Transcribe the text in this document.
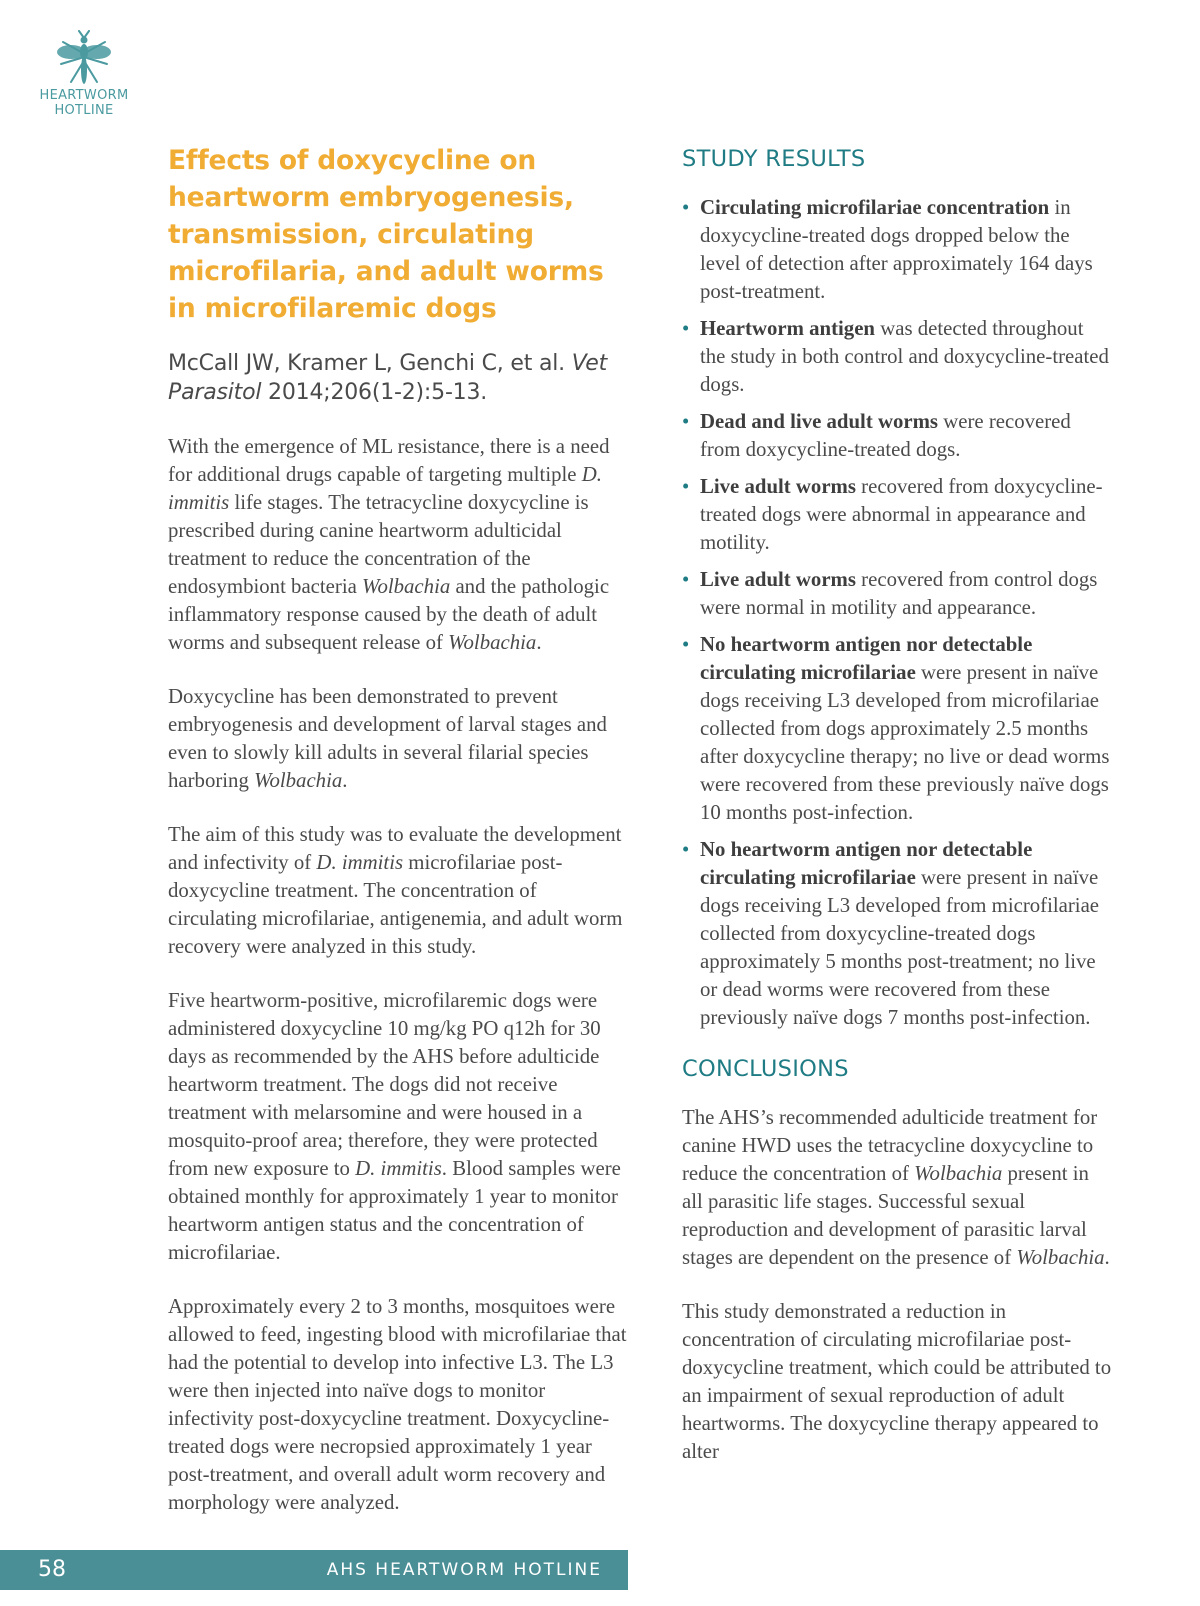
HEARTWORM
HOTLINE
Effects of doxycycline on heartworm embryogenesis, transmission, circulating microfilaria, and adult worms in microfilaremic dogs

McCall JW, Kramer L, Genchi C, et al. Vet Parasitol 2014;206(1-2):5-13.

With the emergence of ML resistance, there is a need for additional drugs capable of targeting multiple D. immitis life stages. The tetracycline doxycycline is prescribed during canine heartworm adulticidal treatment to reduce the concentration of the endosymbiont bacteria Wolbachia and the pathologic inflammatory response caused by the death of adult worms and subsequent release of Wolbachia.

Doxycycline has been demonstrated to prevent embryogenesis and development of larval stages and even to slowly kill adults in several filarial species harboring Wolbachia.

The aim of this study was to evaluate the development and infectivity of D. immitis microfilariae post-doxycycline treatment. The concentration of circulating microfilariae, antigenemia, and adult worm recovery were analyzed in this study.

Five heartworm-positive, microfilaremic dogs were administered doxycycline 10 mg/kg PO q12h for 30 days as recommended by the AHS before adulticide heartworm treatment. The dogs did not receive treatment with melarsomine and were housed in a mosquito-proof area; therefore, they were protected from new exposure to D. immitis. Blood samples were obtained monthly for approximately 1 year to monitor heartworm antigen status and the concentration of microfilariae.

Approximately every 2 to 3 months, mosquitoes were allowed to feed, ingesting blood with microfilariae that had the potential to develop into infective L3. The L3 were then injected into naïve dogs to monitor infectivity post-doxycycline treatment. Doxycycline-treated dogs were necropsied approximately 1 year post-treatment, and overall adult worm recovery and morphology were analyzed.

STUDY RESULTS
• Circulating microfilariae concentration in doxycycline-treated dogs dropped below the level of detection after approximately 164 days post-treatment.
• Heartworm antigen was detected throughout the study in both control and doxycycline-treated dogs.
• Dead and live adult worms were recovered from doxycycline-treated dogs.
• Live adult worms recovered from doxycycline-treated dogs were abnormal in appearance and motility.
• Live adult worms recovered from control dogs were normal in motility and appearance.
• No heartworm antigen nor detectable circulating microfilariae were present in naïve dogs receiving L3 developed from microfilariae collected from dogs approximately 2.5 months after doxycycline therapy; no live or dead worms were recovered from these previously naïve dogs 10 months post-infection.
• No heartworm antigen nor detectable circulating microfilariae were present in naïve dogs receiving L3 developed from microfilariae collected from doxycycline-treated dogs approximately 5 months post-treatment; no live or dead worms were recovered from these previously naïve dogs 7 months post-infection.
CONCLUSIONS

The AHS’s recommended adulticide treatment for canine HWD uses the tetracycline doxycycline to reduce the concentration of Wolbachia present in all parasitic life stages. Successful sexual reproduction and development of parasitic larval stages are dependent on the presence of Wolbachia.

This study demonstrated a reduction in concentration of circulating microfilariae post-doxycycline treatment, which could be attributed to an impairment of sexual reproduction of adult heartworms. The doxycycline therapy appeared to alter

58	AHS HEARTWORM HOTLINE
